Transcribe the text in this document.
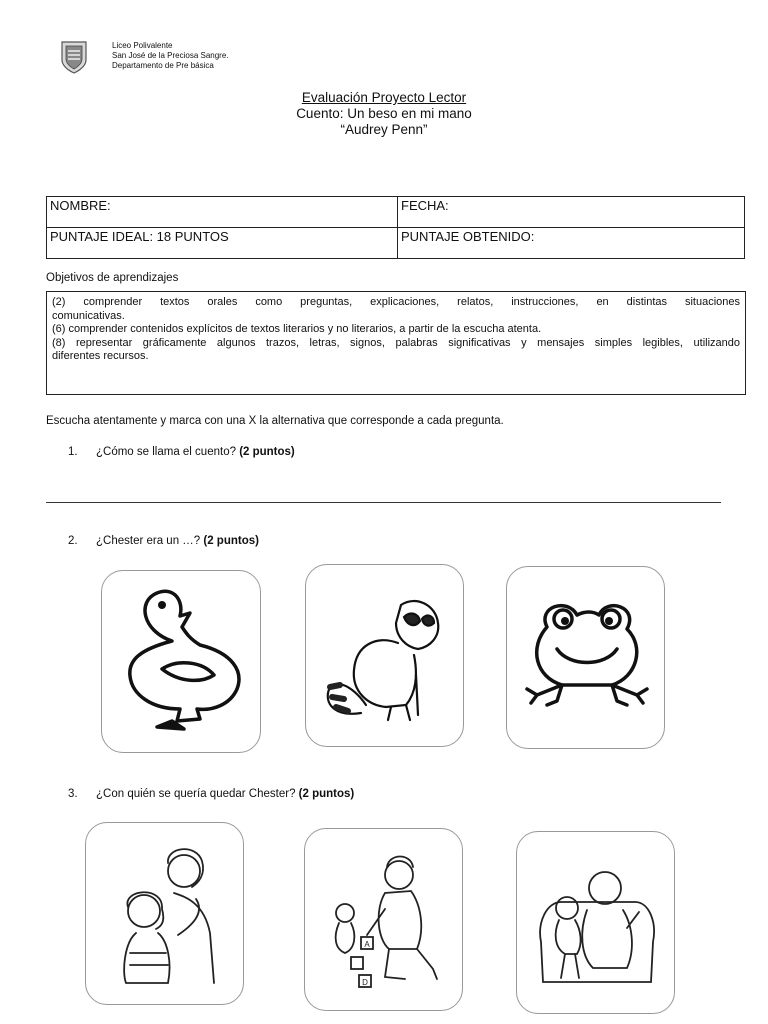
Liceo Polivalente
San José de la Preciosa Sangre.
Departamento de Pre básica
Evaluación Proyecto Lector
Cuento: Un beso en mi mano
“Audrey Penn”
NOMBRE:	FECHA:
PUNTAJE IDEAL: 18 PUNTOS	PUNTAJE OBTENIDO:
Objetivos de aprendizajes

(2) comprender textos orales como preguntas, explicaciones, relatos, instrucciones, en distintas situaciones

comunicativas.

(6) comprender contenidos explícitos de textos literarios y no literarios, a partir de la escucha atenta.

(8) representar gráficamente algunos trazos, letras, signos, palabras significativas y mensajes simples legibles, utilizando

diferentes recursos.

Escucha atentamente y marca con una X la alternativa que corresponde a cada pregunta.
1. ¿Cómo se llama el cuento? (2 puntos)
2. ¿Chester era un …? (2 puntos)
3. ¿Con quién se quería quedar Chester? (2 puntos)
A
D
